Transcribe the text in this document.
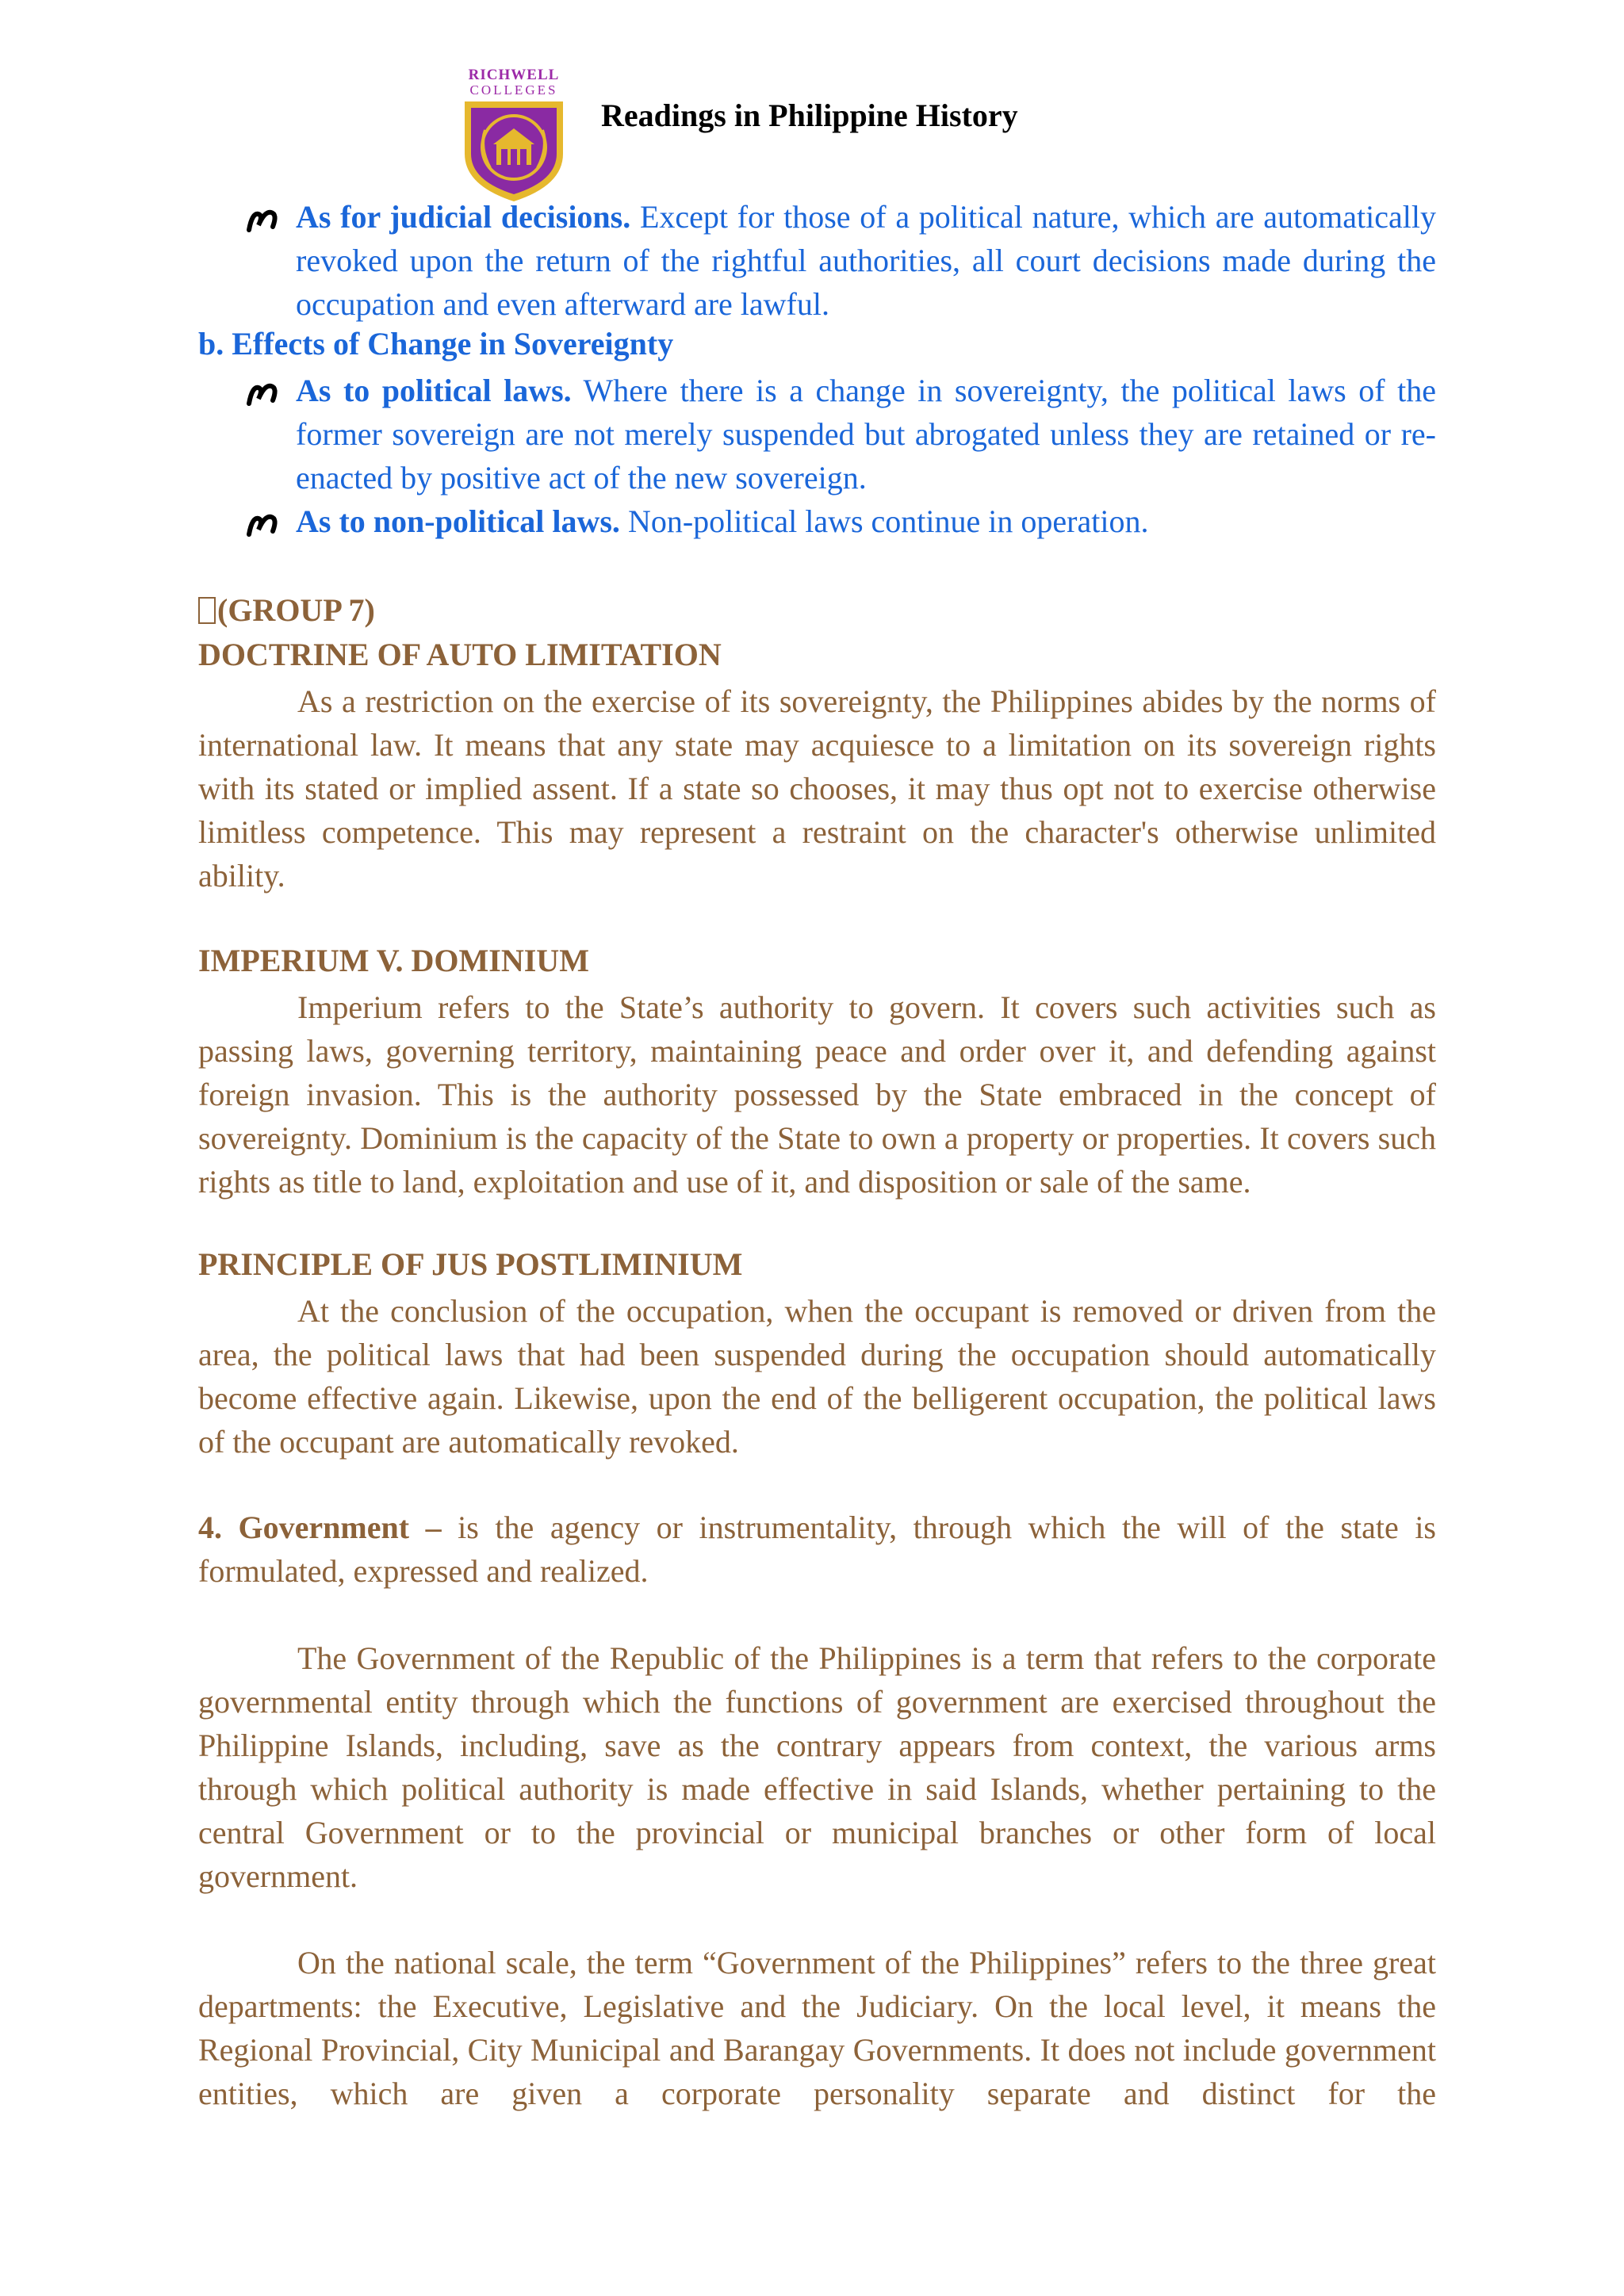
RICHWELL
COLLEGES
Readings in Philippine History
As for judicial decisions. Except for those of a political nature, which are automatically revoked upon the return of the rightful authorities, all court decisions made during the occupation and even afterward are lawful.
b. Effects of Change in Sovereignty
As to political laws. Where there is a change in sovereignty, the political laws of the former sovereign are not merely suspended but abrogated unless they are retained or re-enacted by positive act of the new sovereign.
As to non-political laws. Non-political laws continue in operation.
(GROUP 7)
DOCTRINE OF AUTO LIMITATION
As a restriction on the exercise of its sovereignty, the Philippines abides by the norms of international law. It means that any state may acquiesce to a limitation on its sovereign rights with its stated or implied assent. If a state so chooses, it may thus opt not to exercise otherwise limitless competence. This may represent a restraint on the character's otherwise unlimited ability.
IMPERIUM V. DOMINIUM
Imperium refers to the State’s authority to govern. It covers such activities such as passing laws, governing territory, maintaining peace and order over it, and defending against foreign invasion. This is the authority possessed by the State embraced in the concept of sovereignty. Dominium is the capacity of the State to own a property or properties. It covers such rights as title to land, exploitation and use of it, and disposition or sale of the same.
PRINCIPLE OF JUS POSTLIMINIUM
At the conclusion of the occupation, when the occupant is removed or driven from the area, the political laws that had been suspended during the occupation should automatically become effective again. Likewise, upon the end of the belligerent occupation, the political laws of the occupant are automatically revoked.
4. Government – is the agency or instrumentality, through which the will of the state is formulated, expressed and realized.
The Government of the Republic of the Philippines is a term that refers to the corporate governmental entity through which the functions of government are exercised throughout the Philippine Islands, including, save as the contrary appears from context, the various arms through which political authority is made effective in said Islands, whether pertaining to the central Government or to the provincial or municipal branches or other form of local government.
On the national scale, the term “Government of the Philippines” refers to the three great departments: the Executive, Legislative and the Judiciary. On the local level, it means the Regional Provincial, City Municipal and Barangay Governments. It does not include government entities, which are given a corporate personality separate and distinct for the
